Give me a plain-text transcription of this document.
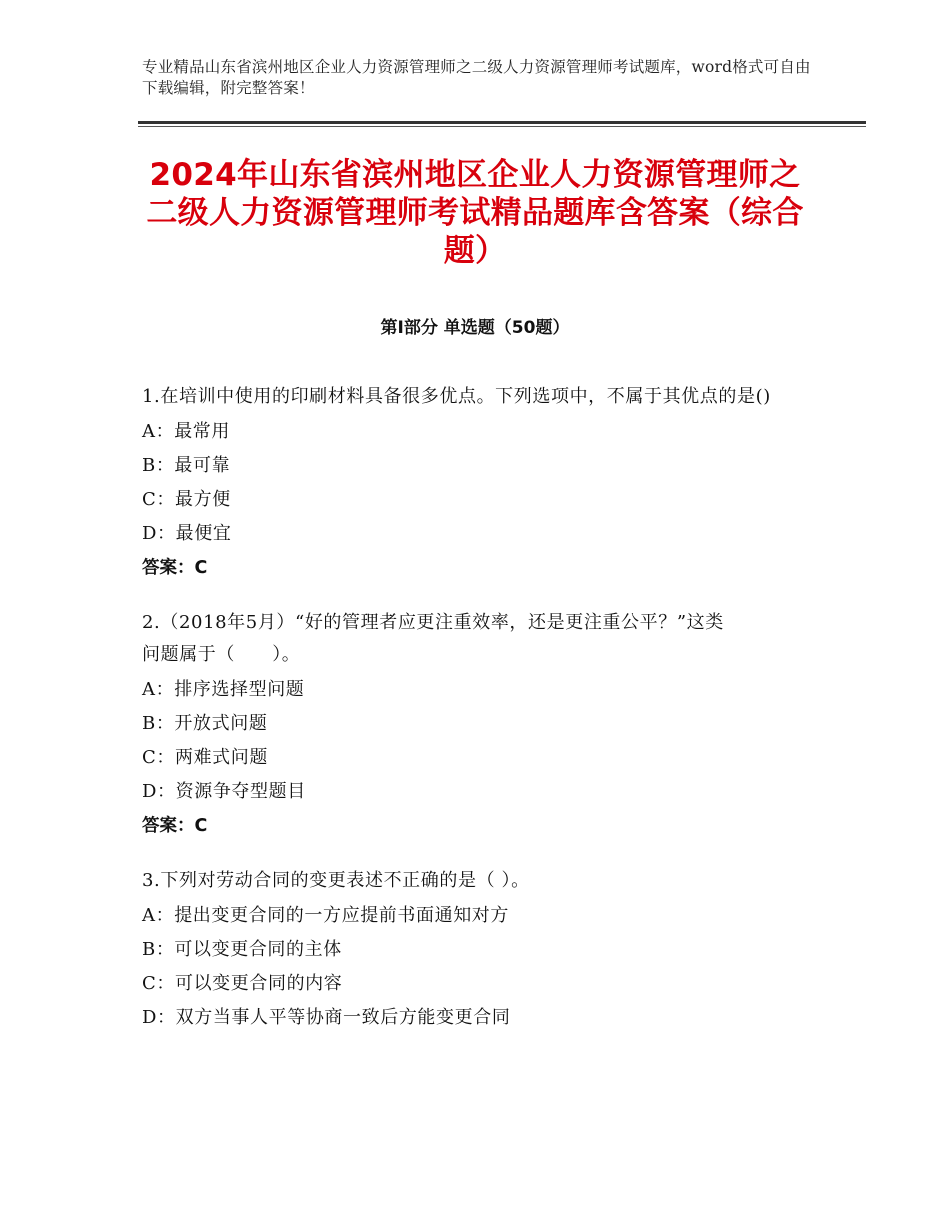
专业精品山东省滨州地区企业人力资源管理师之二级人力资源管理师考试题库，word格式可自由下载编辑，附完整答案！
2024年山东省滨州地区企业人力资源管理师之二级人力资源管理师考试精品题库含答案（综合题）
第Ⅰ部分 单选题（50题）
1.在培训中使用的印刷材料具备很多优点。下列选项中，不属于其优点的是()
A：最常用
B：最可靠
C：最方便
D：最便宜
答案：C
2.（2018年5月）“好的管理者应更注重效率，还是更注重公平？”这类问题属于（　　）。
A：排序选择型问题
B：开放式问题
C：两难式问题
D：资源争夺型题目
答案：C
3.下列对劳动合同的变更表述不正确的是（ ）。
A：提出变更合同的一方应提前书面通知对方
B：可以变更合同的主体
C：可以变更合同的内容
D：双方当事人平等协商一致后方能变更合同
